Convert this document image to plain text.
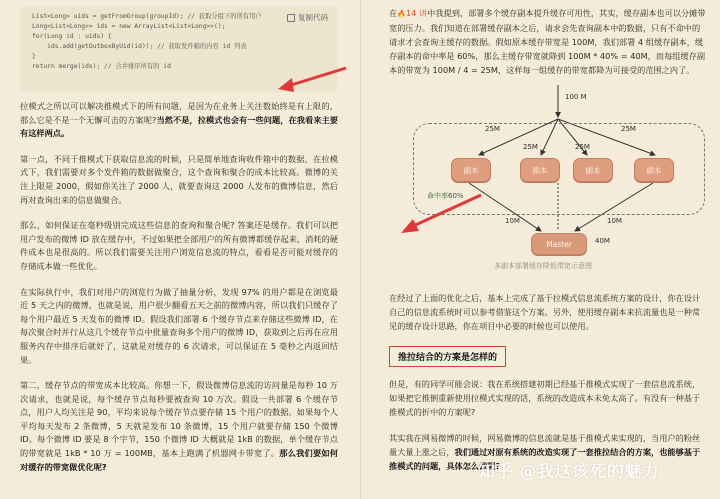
复制代码
List<Long> uids = getFromGroup(groupId); // 获取分组下的所有用户
Long<List<Long>> ids = new ArrayList<List<Long>>();
for(Long id : uids) {
ids.add(getOutboxByUid(id)); // 获取发件箱的内容 id 列表
}
return merge(ids); // 合并排序所有的 id

拉模式之所以可以解决推模式下的所有问题，是因为在业务上关注数始终是有上限的，那么它是不是一个无懈可击的方案呢?当然不是，拉模式也会有一些问题，在我看来主要有这样两点。

第一点，不同于推模式下获取信息流的时候，只是简单地查询收件箱中的数据，在拉模式下，我们需要对多个发件箱的数据做聚合，这个查询和聚合的成本比较高。微博的关注上限是 2000，假如你关注了 2000 人，就要查询这 2000 人发布的微博信息，然后再对查询出来的信息做聚合。

那么，如何保证在毫秒级别完成这些信息的查询和聚合呢? 答案还是缓存。我们可以把用户发布的微博 ID 放在缓存中，不过如果把全部用户的所有微博都缓存起来，消耗的硬件成本也是很高的。所以我们需要关注用户浏览信息流的特点，看看是否可能对缓存的存储成本做一些优化。

在实际执行中，我们对用户的浏览行为做了抽量分析，发现 97% 的用户都是在浏览最近 5 天之内的微博，也就是说，用户很少翻看五天之前的微博内容，所以我们只缓存了每个用户最近 5 天发布的微博 ID。假设我们部署 6 个缓存节点来存储这些微博 ID，在每次聚合时并行从这几个缓存节点中批量查询多个用户的微博 ID，获取到之后再在应用服务内存中排序后就好了，这就是对缓存的 6 次请求，可以保证在 5 毫秒之内返回结果。

第二，缓存节点的带宽成本比较高。你想一下，假设微博信息流的访问量是每秒 10 万次请求，也就是说，每个缓存节点每秒要被查询 10 万次。假设一共部署 6 个缓存节点，用户人均关注是 90，平均来说每个缓存节点要存储 15 个用户的数据。如果每个人平均每天发布 2 条微博，5 天就是发布 10 条微博，15 个用户就要存储 150 个微博 ID。每个微博 ID 要是 8 个字节，150 个微博 ID 大概就是 1kB 的数据，单个缓存节点的带宽就是 1kB * 10 万 = 100MB，基本上跑满了机器网卡带宽了。那么我们要如何对缓存的带宽做优化呢?

在🔥14 讲中我提到，部署多个缓存副本提升缓存可用性，其实，缓存副本也可以分摊带宽的压力。我们知道在部署缓存副本之后，请求会先查询副本中的数据，只有不命中的请求才会查询主缓存的数据。假如原本缓存带宽是 100M，我们部署 4 组缓存副本，缓存副本的命中率是 60%，那么主缓存带宽就降到 100M * 40% = 40M，而每组缓存副本的带宽为 100M / 4 = 25M，这样每一组缓存的带宽都降为可接受的范围之内了。
100 M
25M
25M	25M
25M
副本	副本	副本	副本
命中率60%
10M	10M
Master	40M
多副本部署缓存降低带宽示意图
在经过了上面的优化之后，基本上完成了基于拉模式信息流系统方案的设计，你在设计自己的信息流系统时可以参考借鉴这个方案。另外，使用缓存副本来抗流量也是一种常见的缓存设计思路，你在项目中必要的时候也可以使用。
推拉结合的方案是怎样的
但是，有的同学可能会说：我在系统搭建初期已经基于推模式实现了一套信息流系统，如果把它推倒重新使用拉模式实现的话，系统的改造成本未免太高了。有没有一种基于推模式的折中的方案呢?
其实我在网易微博的时候，网易微博的信息流就是基于推模式来实现的，当用户的粉丝量大量上涨之后，我们通过对原有系统的改造实现了一套推拉结合的方案，也能够基于推模式的问题，具体怎么做呢?
知乎 @我这该死的魅力
